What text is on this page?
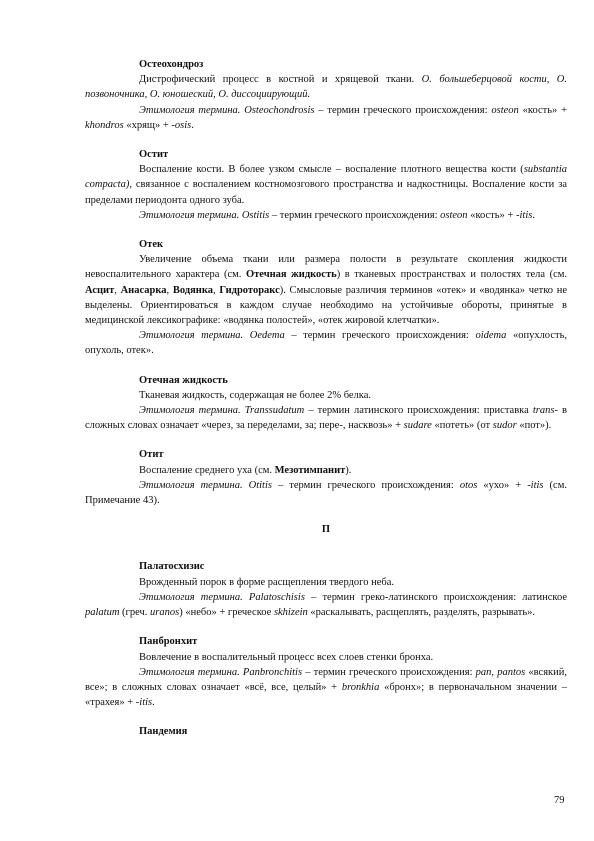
Остеохондроз

Дистрофический процесс в костной и хрящевой ткани. О. большеберцовой кости, О. позвоночника, О. юношеский, О. диссоциирующий.

Этимология термина. Osteochondrosis – термин греческого происхождения: osteon «кость» + khondros «хрящ» + -osis.

Остит

Воспаление кости. В более узком смысле – воспаление плотного вещества кости (substantia compacta), связанное с воспалением костномозгового пространства и надкостницы. Воспаление кости за пределами периодонта одного зуба.

Этимология термина. Ostitis – термин греческого происхождения: osteon «кость» + -itis.

Отек

Увеличение объема ткани или размера полости в результате скопления жидкости невоспалительного характера (см. Отечная жидкость) в тканевых пространствах и полостях тела (см. Асцит, Анасарка, Водянка, Гидроторакс). Смысловые различия терминов «отек» и «водянка» четко не выделены. Ориентироваться в каждом случае необходимо на устойчивые обороты, принятые в медицинской лексикографике: «водянка полостей», «отек жировой клетчатки».

Этимология термина. Oedema – термин греческого происхождения: oidema «опухлость, опухоль, отек».

Отечная жидкость

Тканевая жидкость, содержащая не более 2% белка.

Этимология термина. Transsudatum – термин латинского происхождения: приставка trans- в сложных словах означает «через, за переделами, за; пере-, насквозь» + sudare «потеть» (от sudor «пот»).

Отит

Воспаление среднего уха (см. Мезотимпанит).

Этимология термина. Otitis – термин греческого происхождения: otos «ухо» + -itis (см. Примечание 43).

П
Палатосхизис

Врожденный порок в форме расщепления твердого неба.

Этимология термина. Palatoschisis – термин греко-латинского происхождения: латинское palatum (греч. uranos) «небо» + греческое skhizein «раскалывать, расщеплять, разделять, разрывать».

Панбронхит

Вовлечение в воспалительный процесс всех слоев стенки бронха.

Этимология термина. Panbronchitis – термин греческого происхождения: pan, pantos «всякий, все»; в сложных словах означает «всё, все, целый» + bronkhia «бронх»; в первоначальном значении – «трахея» + -itis.

Пандемия
79
